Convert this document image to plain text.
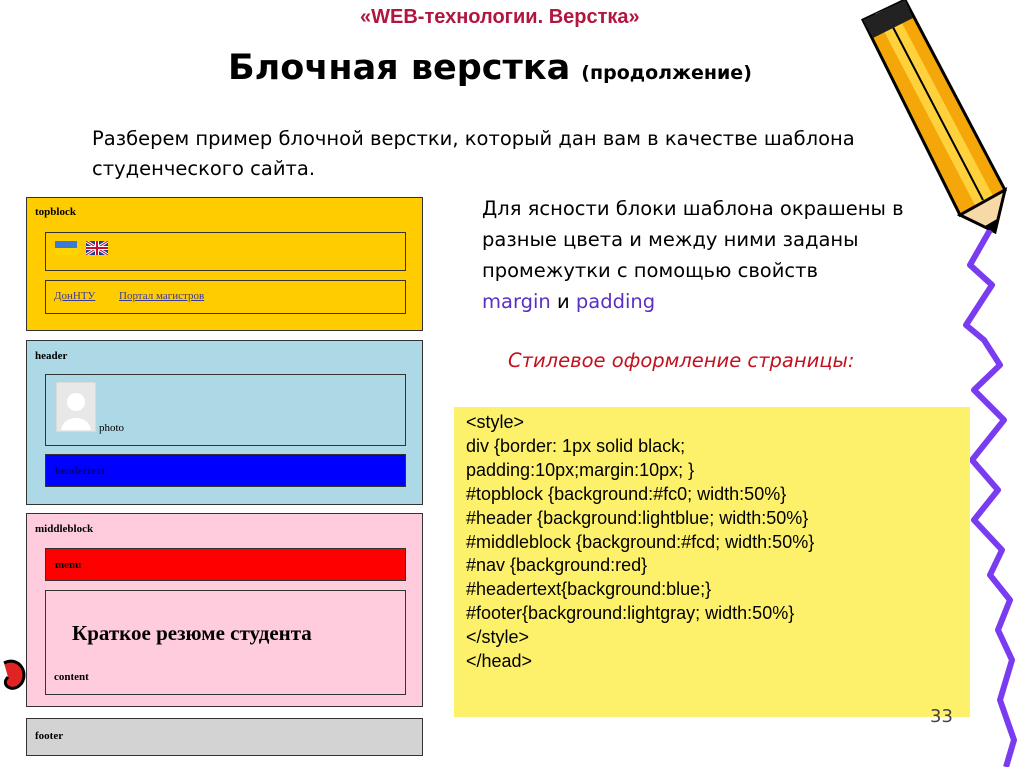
«WEB-технологии. Верстка»
Блочная верстка (продолжение)
Разберем пример блочной верстки, который дан вам в качестве шаблона студенческого сайта.
topblock
ДонНТУ Портал магистров
header
photo
headertext
middleblock
menu
Краткое резюме студента
content
footer
Для ясности блоки шаблона окрашены в разные цвета и между ними заданы промежутки с помощью свойств
margin и padding
Стилевое оформление страницы:
<style>
div {border: 1px solid black;
padding:10px;margin:10px; }
#topblock {background:#fc0; width:50%}
#header {background:lightblue; width:50%}
#middleblock {background:#fcd; width:50%}
#nav {background:red}
#headertext{background:blue;}
#footer{background:lightgray; width:50%}
</style>
</head>
33
